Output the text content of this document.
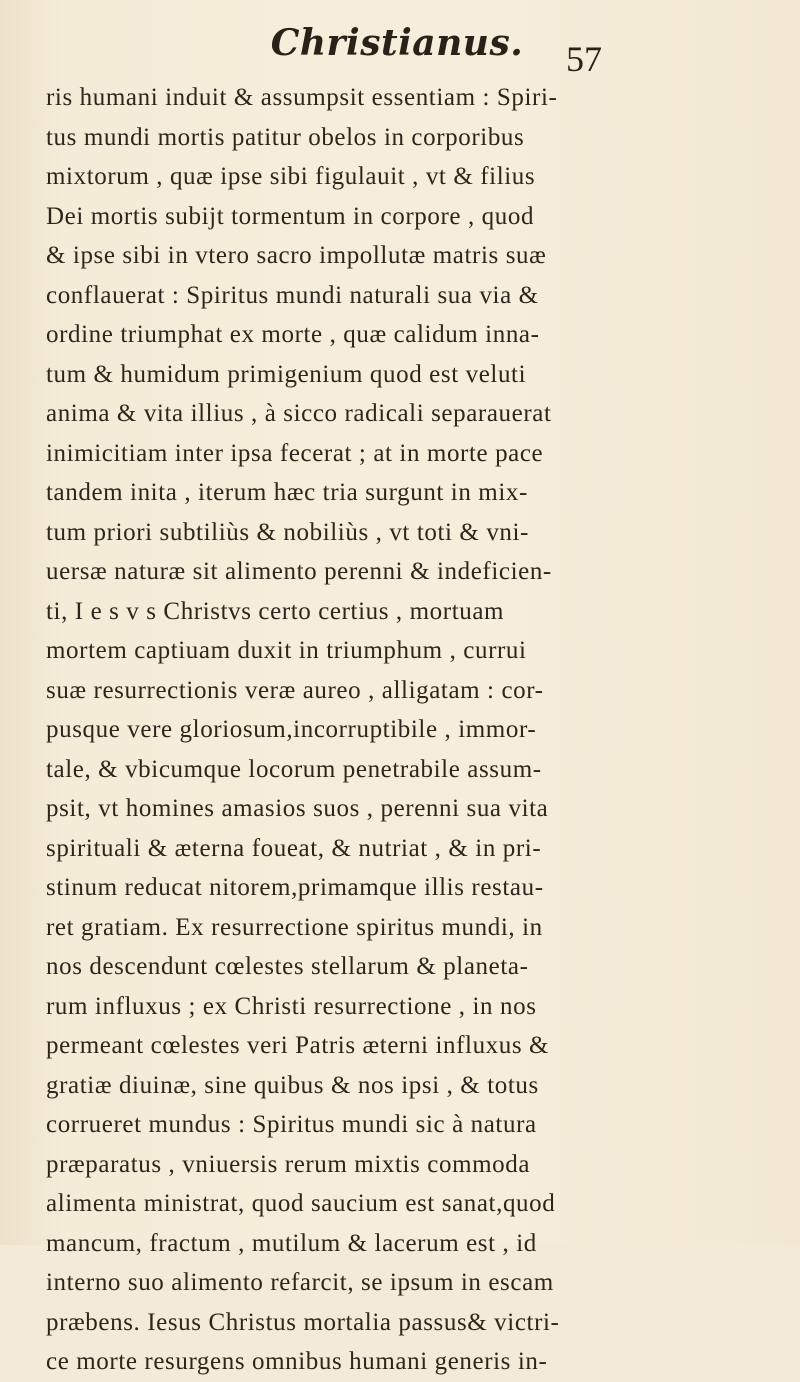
Christianus.	57
ris humani induit & assumpsit essentiam : Spiri-
tus mundi mortis patitur obelos in corporibus
mixtorum , quæ ipse sibi figulauit , vt & filius
Dei mortis subijt tormentum in corpore , quod
& ipse sibi in vtero sacro impollutæ matris suæ
conflauerat : Spiritus mundi naturali sua via &
ordine triumphat ex morte , quæ calidum inna-
tum & humidum primigenium quod est veluti
anima & vita illius , à sicco radicali separauerat
inimicitiam inter ipsa fecerat ; at in morte pace
tandem inita , iterum hæc tria surgunt in mix-
tum priori subtiliùs & nobiliùs , vt toti & vni-
uersæ naturæ sit alimento perenni & indeficien-
ti, I e s v s Christvs certo certius , mortuam
mortem captiuam duxit in triumphum , currui
suæ resurrectionis veræ aureo , alligatam : cor-
pusque vere gloriosum,incorruptibile , immor-
tale, & vbicumque locorum penetrabile assum-
psit, vt homines amasios suos , perenni sua vita
spirituali & æterna foueat, & nutriat , & in pri-
stinum reducat nitorem,primamque illis restau-
ret gratiam. Ex resurrectione spiritus mundi, in
nos descendunt cœlestes stellarum & planeta-
rum influxus ; ex Christi resurrectione , in nos
permeant cœlestes veri Patris æterni influxus &
gratiæ diuinæ, sine quibus & nos ipsi , & totus
corrueret mundus : Spiritus mundi sic à natura
præparatus , vniuersis rerum mixtis commoda
alimenta ministrat, quod saucium est sanat,quod
mancum, fractum , mutilum & lacerum est , id
interno suo alimento refarcit, se ipsum in escam
præbens. Iesus Christus mortalia passus& victri-
ce morte resurgens omnibus humani generis in-
